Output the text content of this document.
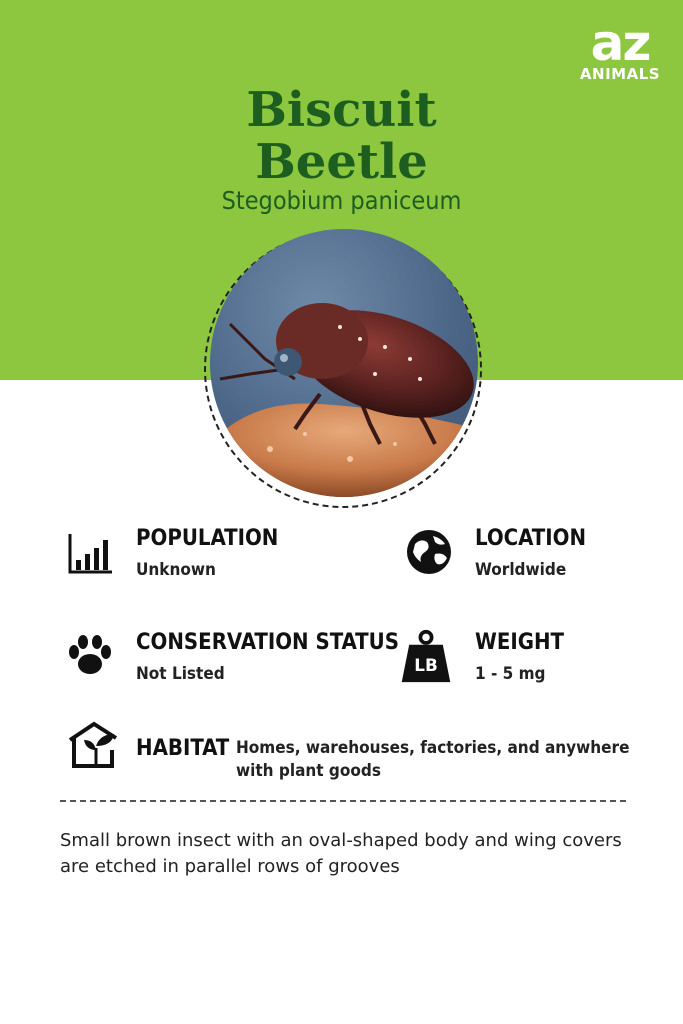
az
ANIMALS
Biscuit
Beetle

Stegobium paniceum

POPULATION
Unknown
LOCATION
Worldwide
CONSERVATION STATUS
Not Listed	LB
WEIGHT
1 - 5 mg
HABITAT Homes, warehouses, factories, and anywhere with plant goods

Small brown insect with an oval-shaped body and wing covers are etched in parallel rows of grooves
